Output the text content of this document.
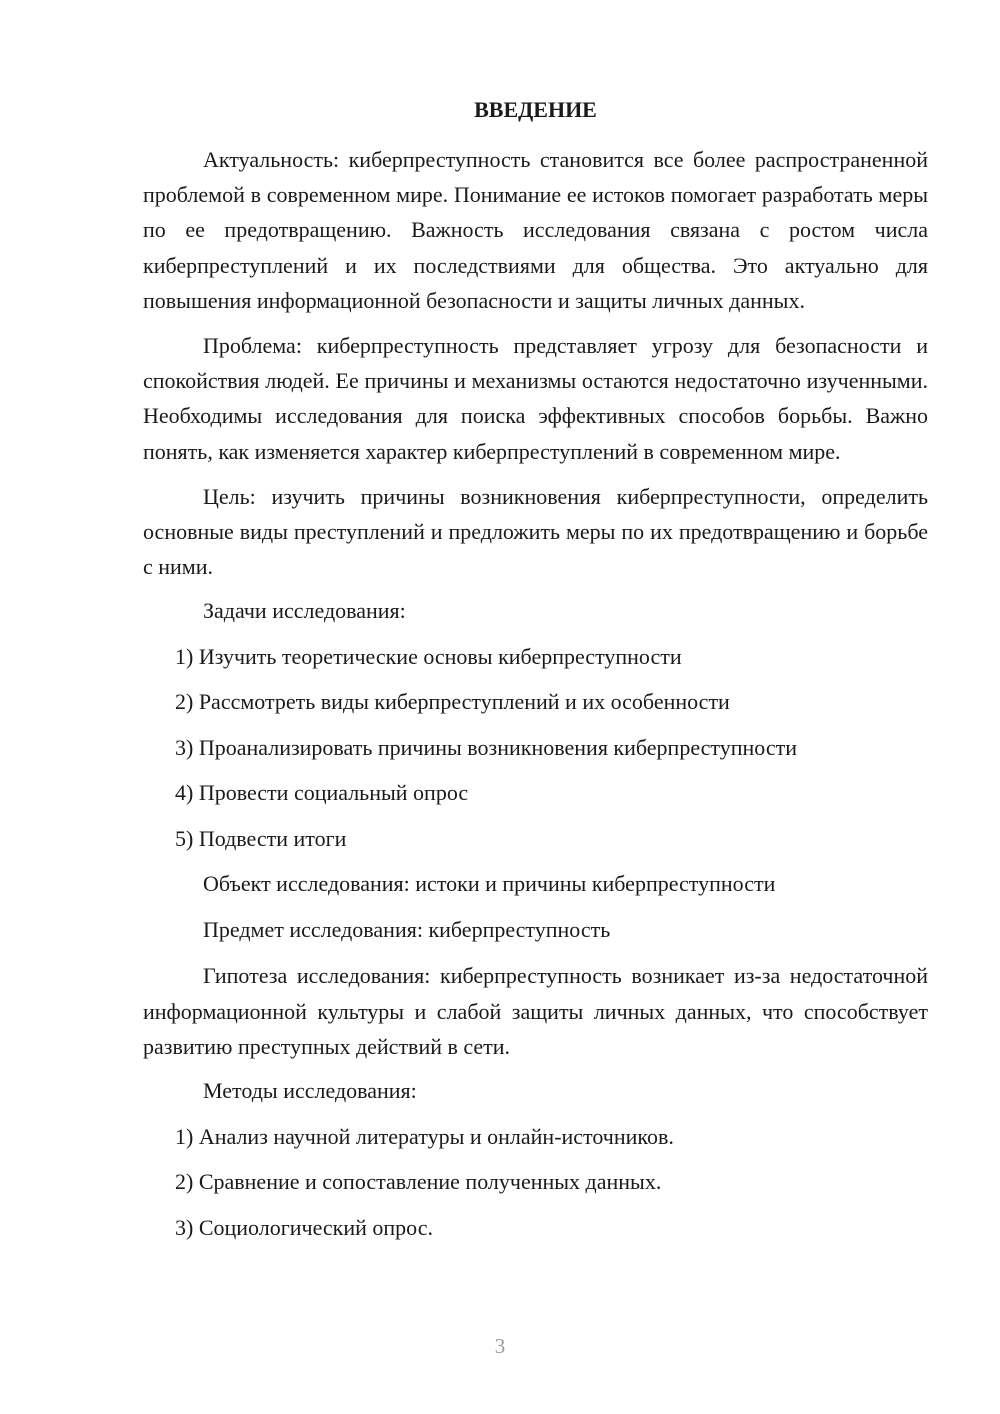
ВВЕДЕНИЕ

Актуальность: киберпреступность становится все более распространенной проблемой в современном мире. Понимание ее истоков помогает разработать меры по ее предотвращению. Важность исследования связана с ростом числа киберпреступлений и их последствиями для общества. Это актуально для повышения информационной безопасности и защиты личных данных.

Проблема: киберпреступность представляет угрозу для безопасности и спокойствия людей. Ее причины и механизмы остаются недостаточно изученными. Необходимы исследования для поиска эффективных способов борьбы. Важно понять, как изменяется характер киберпреступлений в современном мире.

Цель: изучить причины возникновения киберпреступности, определить основные виды преступлений и предложить меры по их предотвращению и борьбе с ними.

Задачи исследования:
1) Изучить теоретические основы киберпреступности
2) Рассмотреть виды киберпреступлений и их особенности
3) Проанализировать причины возникновения киберпреступности
4) Провести социальный опрос
5) Подвести итоги
Объект исследования: истоки и причины киберпреступности
Предмет исследования: киберпреступность

Гипотеза исследования: киберпреступность возникает из-за недостаточной информационной культуры и слабой защиты личных данных, что способствует развитию преступных действий в сети.

Методы исследования:
1) Анализ научной литературы и онлайн-источников.
2) Сравнение и сопоставление полученных данных.
3) Социологический опрос.
3
